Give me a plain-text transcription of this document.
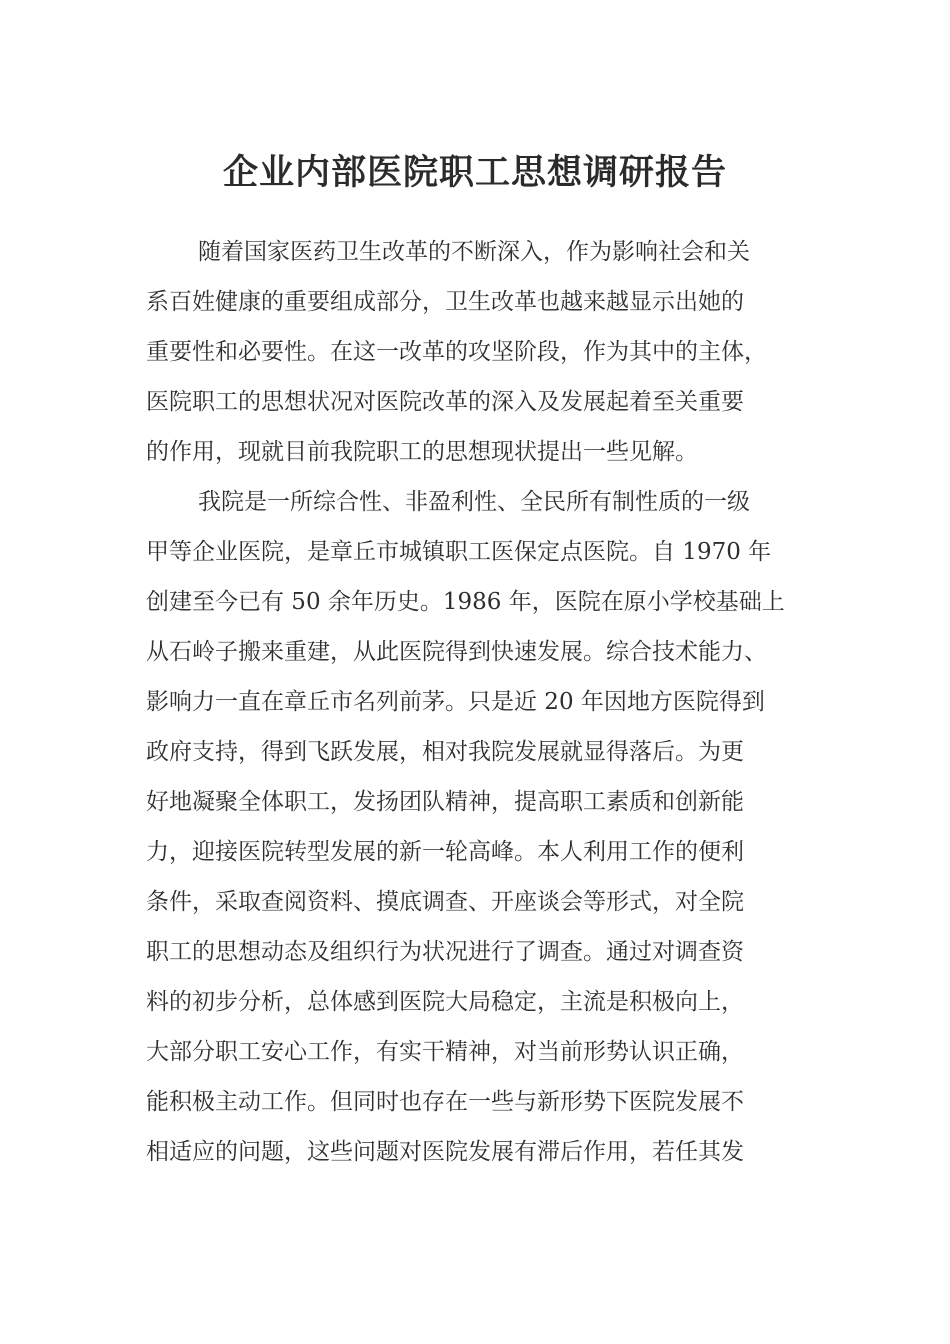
企业内部医院职工思想调研报告
随着国家医药卫生改革的不断深入，作为影响社会和关
系百姓健康的重要组成部分，卫生改革也越来越显示出她的
重要性和必要性。在这一改革的攻坚阶段，作为其中的主体，
医院职工的思想状况对医院改革的深入及发展起着至关重要
的作用，现就目前我院职工的思想现状提出一些见解。
我院是一所综合性、非盈利性、全民所有制性质的一级
甲等企业医院，是章丘市城镇职工医保定点医院。自 1970 年
创建至今已有 50 余年历史。1986 年，医院在原小学校基础上
从石岭子搬来重建，从此医院得到快速发展。综合技术能力、
影响力一直在章丘市名列前茅。只是近 20 年因地方医院得到
政府支持，得到飞跃发展，相对我院发展就显得落后。为更
好地凝聚全体职工，发扬团队精神，提高职工素质和创新能
力，迎接医院转型发展的新一轮高峰。本人利用工作的便利
条件，采取查阅资料、摸底调查、开座谈会等形式，对全院
职工的思想动态及组织行为状况进行了调查。通过对调查资
料的初步分析，总体感到医院大局稳定，主流是积极向上，
大部分职工安心工作，有实干精神，对当前形势认识正确，
能积极主动工作。但同时也存在一些与新形势下医院发展不
相适应的问题，这些问题对医院发展有滞后作用，若任其发
